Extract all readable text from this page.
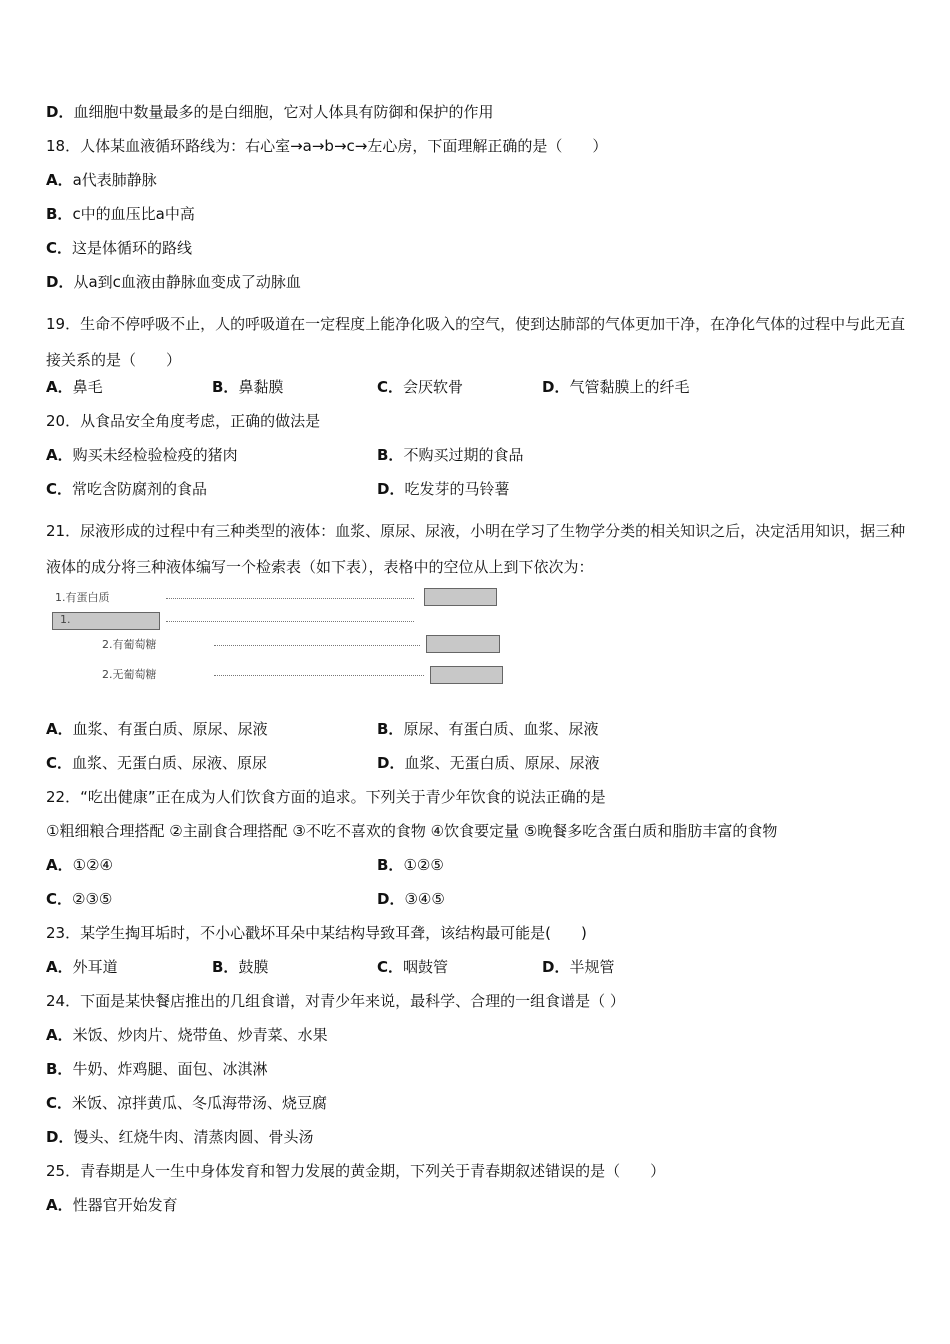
D．血细胞中数量最多的是白细胞，它对人体具有防御和保护的作用
18．人体某血液循环路线为：右心室→a→b→c→左心房，下面理解正确的是（　　）
A．a代表肺静脉
B．c中的血压比a中高
C．这是体循环的路线
D．从a到c血液由静脉血变成了动脉血
19．生命不停呼吸不止，人的呼吸道在一定程度上能净化吸入的空气，使到达肺部的气体更加干净，在净化气体的过程中与此无直接关系的是（　　）
A．鼻毛	B．鼻黏膜	C．会厌软骨	D．气管黏膜上的纤毛
20．从食品安全角度考虑，正确的做法是
A．购买未经检验检疫的猪肉	B．不购买过期的食品
C．常吃含防腐剂的食品	D．吃发芽的马铃薯
21．尿液形成的过程中有三种类型的液体：血浆、原尿、尿液，小明在学习了生物学分类的相关知识之后，决定活用知识，据三种液体的成分将三种液体编写一个检索表（如下表），表格中的空位从上到下依次为：
1.有蛋白质
1.
2.有葡萄糖
2.无葡萄糖
A．血浆、有蛋白质、原尿、尿液	B．原尿、有蛋白质、血浆、尿液
C．血浆、无蛋白质、尿液、原尿	D．血浆、无蛋白质、原尿、尿液
22．“吃出健康”正在成为人们饮食方面的追求。下列关于青少年饮食的说法正确的是
①粗细粮合理搭配 ②主副食合理搭配 ③不吃不喜欢的食物 ④饮食要定量 ⑤晚餐多吃含蛋白质和脂肪丰富的食物
A．①②④	B．①②⑤
C．②③⑤	D．③④⑤
23．某学生掏耳垢时，不小心戳坏耳朵中某结构导致耳聋，该结构最可能是(　　)
A．外耳道	B．鼓膜	C．咽鼓管	D．半规管
24．下面是某快餐店推出的几组食谱，对青少年来说，最科学、合理的一组食谱是（ ）
A．米饭、炒肉片、烧带鱼、炒青菜、水果
B．牛奶、炸鸡腿、面包、冰淇淋
C．米饭、凉拌黄瓜、冬瓜海带汤、烧豆腐
D．馒头、红烧牛肉、清蒸肉圆、骨头汤
25．青春期是人一生中身体发育和智力发展的黄金期，下列关于青春期叙述错误的是（　　）
A．性器官开始发育
